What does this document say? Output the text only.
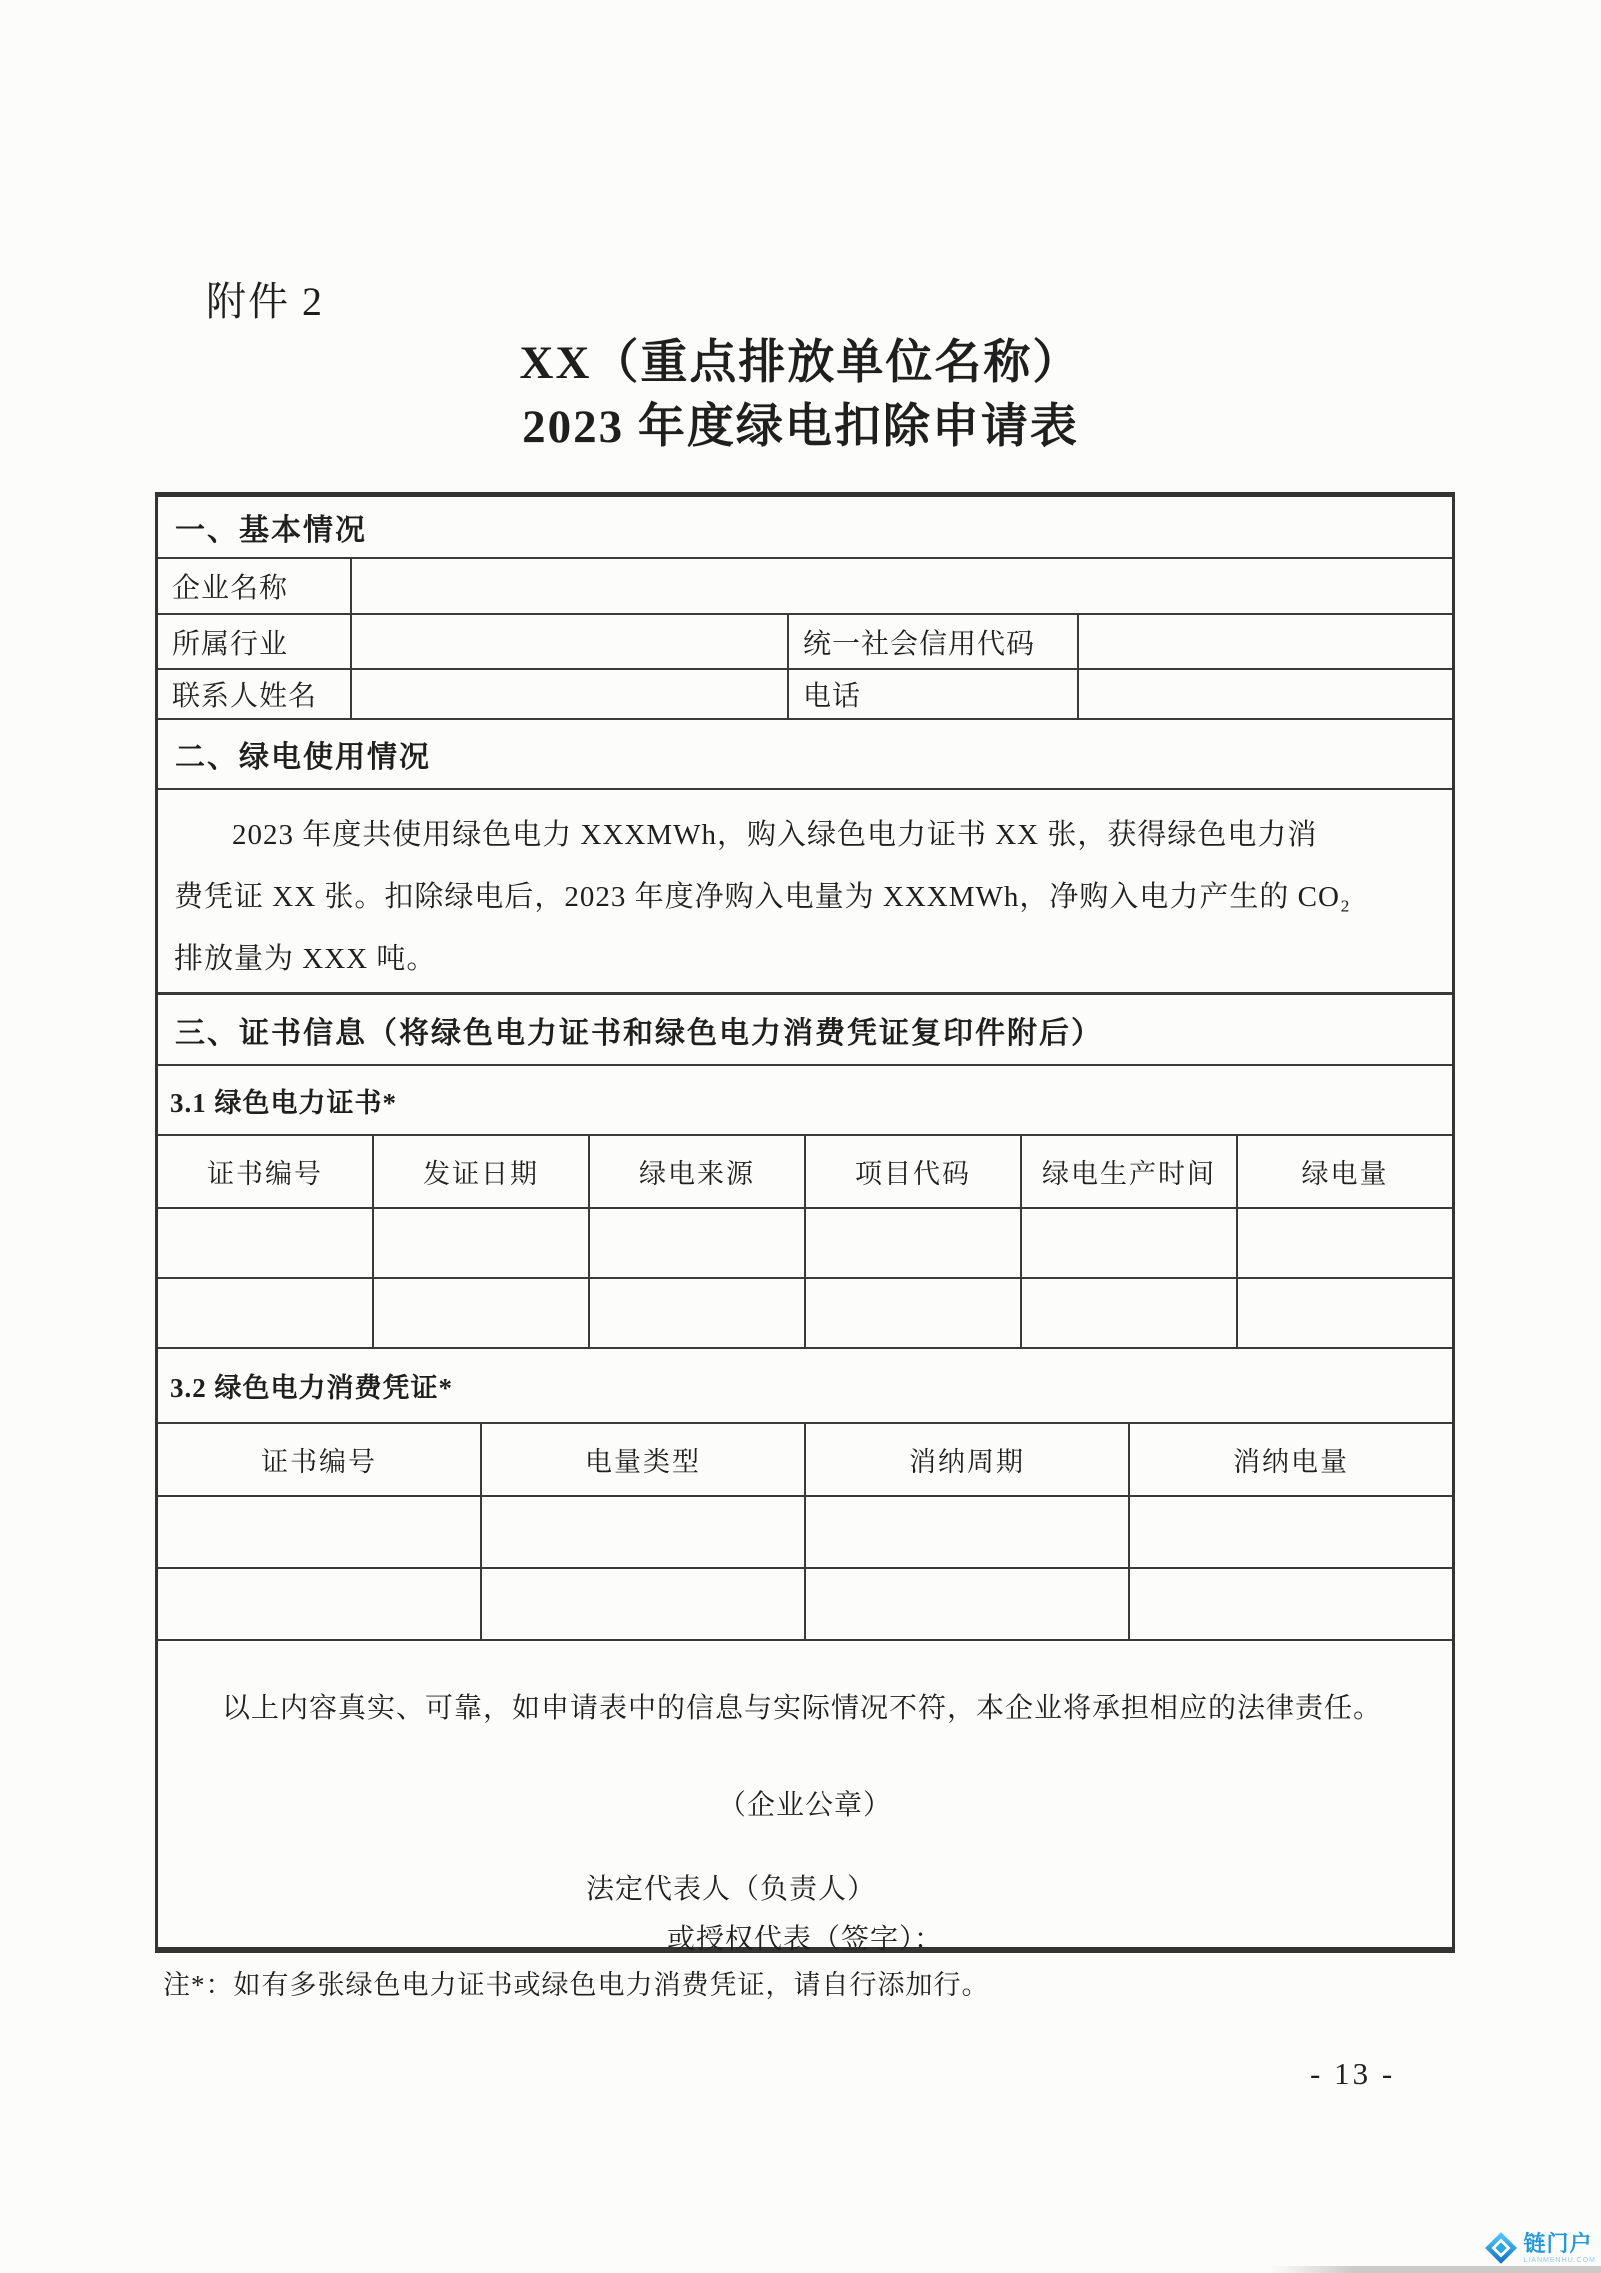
附件 2
XX（重点排放单位名称）
2023 年度绿电扣除申请表
一、基本情况
企业名称
所属行业	统一社会信用代码
联系人姓名	电话
二、绿电使用情况
2023 年度共使用绿色电力 XXXMWh，购入绿色电力证书 XX 张，获得绿色电力消
费凭证 XX 张。扣除绿电后，2023 年度净购入电量为 XXXMWh，净购入电力产生的 CO₂
排放量为 XXX 吨。
三、证书信息（将绿色电力证书和绿色电力消费凭证复印件附后）
3.1 绿色电力证书*
证书编号	发证日期	绿电来源	项目代码	绿电生产时间	绿电量
3.2 绿色电力消费凭证*
证书编号	电量类型	消纳周期	消纳电量
以上内容真实、可靠，如申请表中的信息与实际情况不符，本企业将承担相应的法律责任。
（企业公章）
法定代表人（负责人）
或授权代表（签字）：
注*：如有多张绿色电力证书或绿色电力消费凭证，请自行添加行。
- 13 -
链门户
LIANMENHU.COM
